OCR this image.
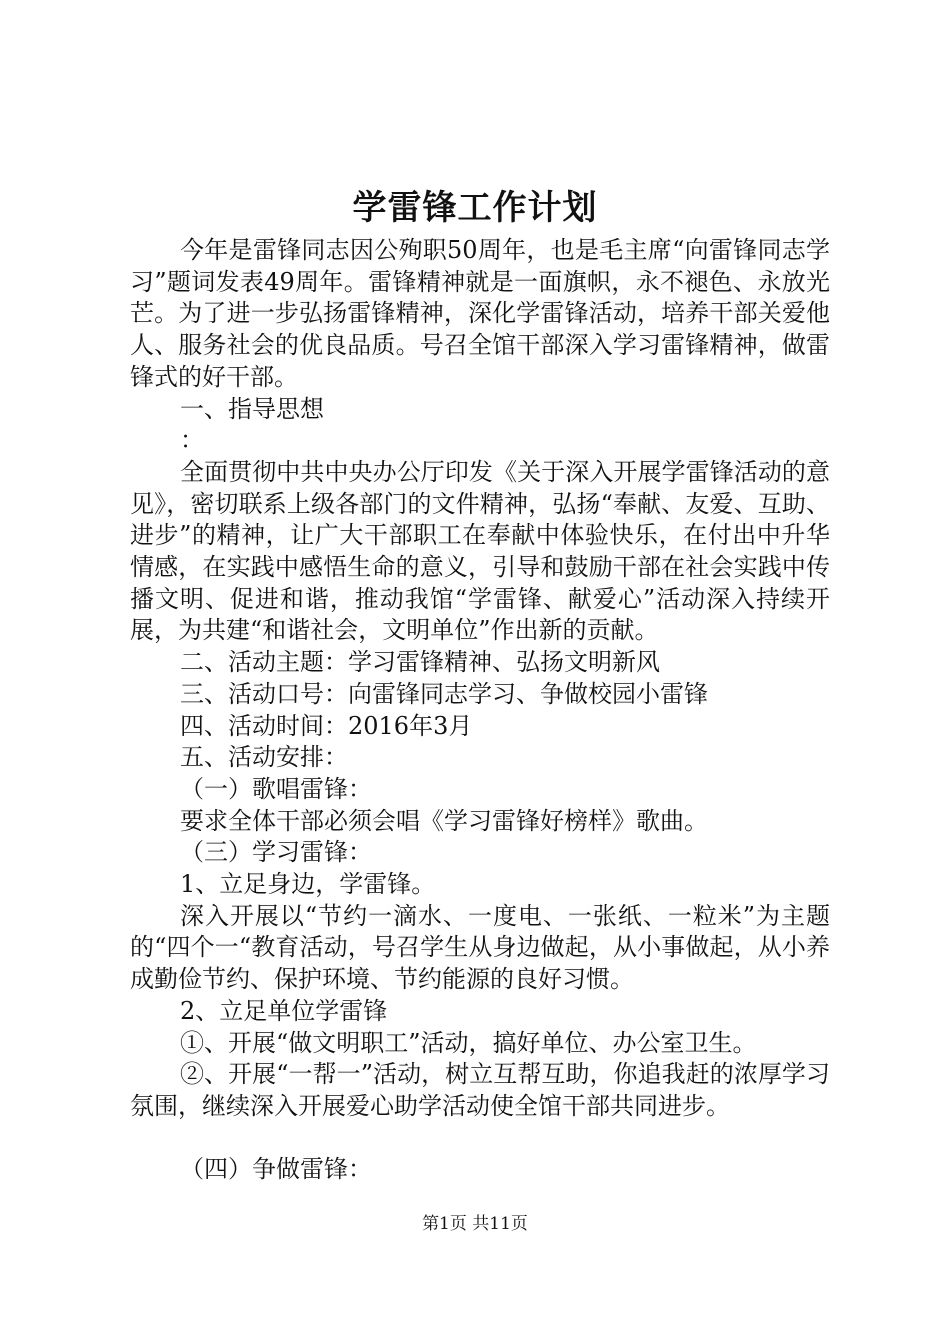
学雷锋工作计划

今年是雷锋同志因公殉职50周年，也是毛主席“向雷锋同志学习”题词发表49周年。雷锋精神就是一面旗帜，永不褪色、永放光芒。为了进一步弘扬雷锋精神，深化学雷锋活动，培养干部关爱他人、服务社会的优良品质。号召全馆干部深入学习雷锋精神，做雷锋式的好干部。

一、指导思想

：

全面贯彻中共中央办公厅印发《关于深入开展学雷锋活动的意见》，密切联系上级各部门的文件精神，弘扬“奉献、友爱、互助、进步”的精神，让广大干部职工在奉献中体验快乐，在付出中升华情感，在实践中感悟生命的意义，引导和鼓励干部在社会实践中传播文明、促进和谐，推动我馆“学雷锋、献爱心”活动深入持续开展，为共建“和谐社会，文明单位”作出新的贡献。

二、活动主题：学习雷锋精神、弘扬文明新风

三、活动口号：向雷锋同志学习、争做校园小雷锋

四、活动时间：2016年3月

五、活动安排：

（一）歌唱雷锋：

要求全体干部必须会唱《学习雷锋好榜样》歌曲。

（三）学习雷锋：

1、立足身边，学雷锋。

深入开展以“节约一滴水、一度电、一张纸、一粒米”为主题的“四个一“教育活动，号召学生从身边做起，从小事做起，从小养成勤俭节约、保护环境、节约能源的良好习惯。

2、立足单位学雷锋

①、开展“做文明职工”活动，搞好单位、办公室卫生。

②、开展“一帮一”活动，树立互帮互助，你追我赶的浓厚学习氛围，继续深入开展爱心助学活动使全馆干部共同进步。

（四）争做雷锋：

第1页 共11页
